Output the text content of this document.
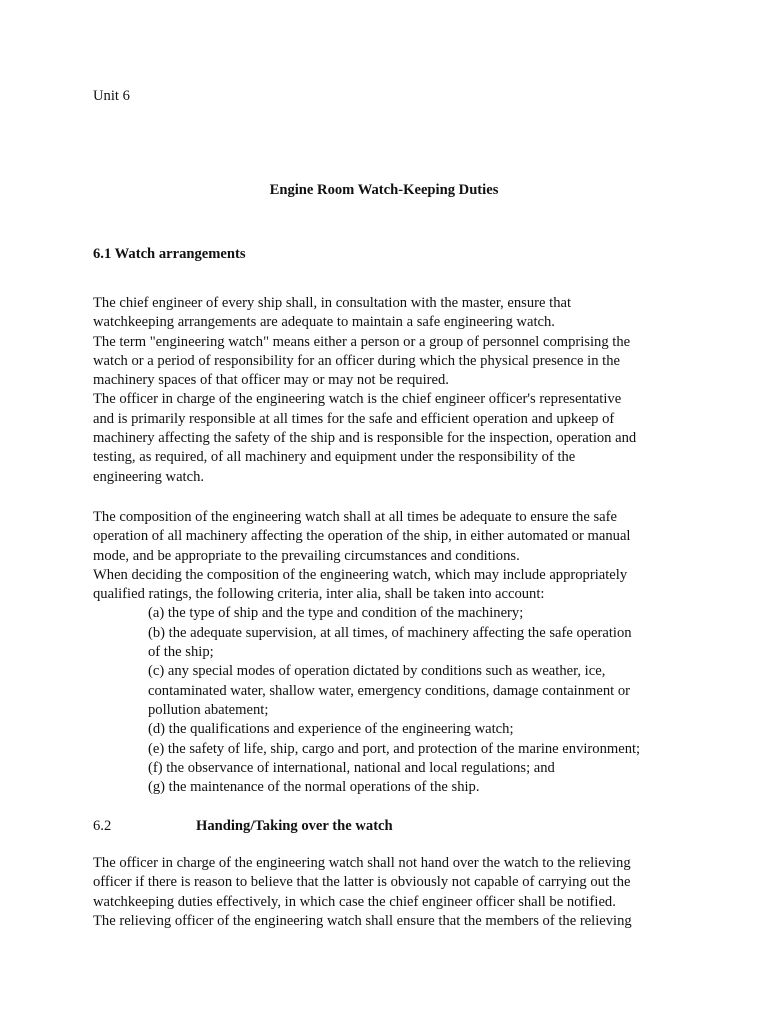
Unit 6

Engine Room Watch-Keeping Duties
6.1 Watch arrangements
The chief engineer of every ship shall, in consultation with the master, ensure that
watchkeeping arrangements are adequate to maintain a safe engineering watch.
The term "engineering watch" means either a person or a group of personnel comprising the
watch or a period of responsibility for an officer during which the physical presence in the
machinery spaces of that officer may or may not be required.
The officer in charge of the engineering watch is the chief engineer officer's representative
and is primarily responsible at all times for the safe and efficient operation and upkeep of
machinery affecting the safety of the ship and is responsible for the inspection, operation and
testing, as required, of all machinery and equipment under the responsibility of the
engineering watch.
The composition of the engineering watch shall at all times be adequate to ensure the safe
operation of all machinery affecting the operation of the ship, in either automated or manual
mode, and be appropriate to the prevailing circumstances and conditions.
When deciding the composition of the engineering watch, which may include appropriately
qualified ratings, the following criteria, inter alia, shall be taken into account:
(a) the type of ship and the type and condition of the machinery;
(b) the adequate supervision, at all times, of machinery affecting the safe operation
of the ship;
(c) any special modes of operation dictated by conditions such as weather, ice,
contaminated water, shallow water, emergency conditions, damage containment or
pollution abatement;
(d) the qualifications and experience of the engineering watch;
(e) the safety of life, ship, cargo and port, and protection of the marine environment;
(f) the observance of international, national and local regulations; and
(g) the maintenance of the normal operations of the ship.
6.2	Handing/Taking over the watch
The officer in charge of the engineering watch shall not hand over the watch to the relieving
officer if there is reason to believe that the latter is obviously not capable of carrying out the
watchkeeping duties effectively, in which case the chief engineer officer shall be notified.
The relieving officer of the engineering watch shall ensure that the members of the relieving
